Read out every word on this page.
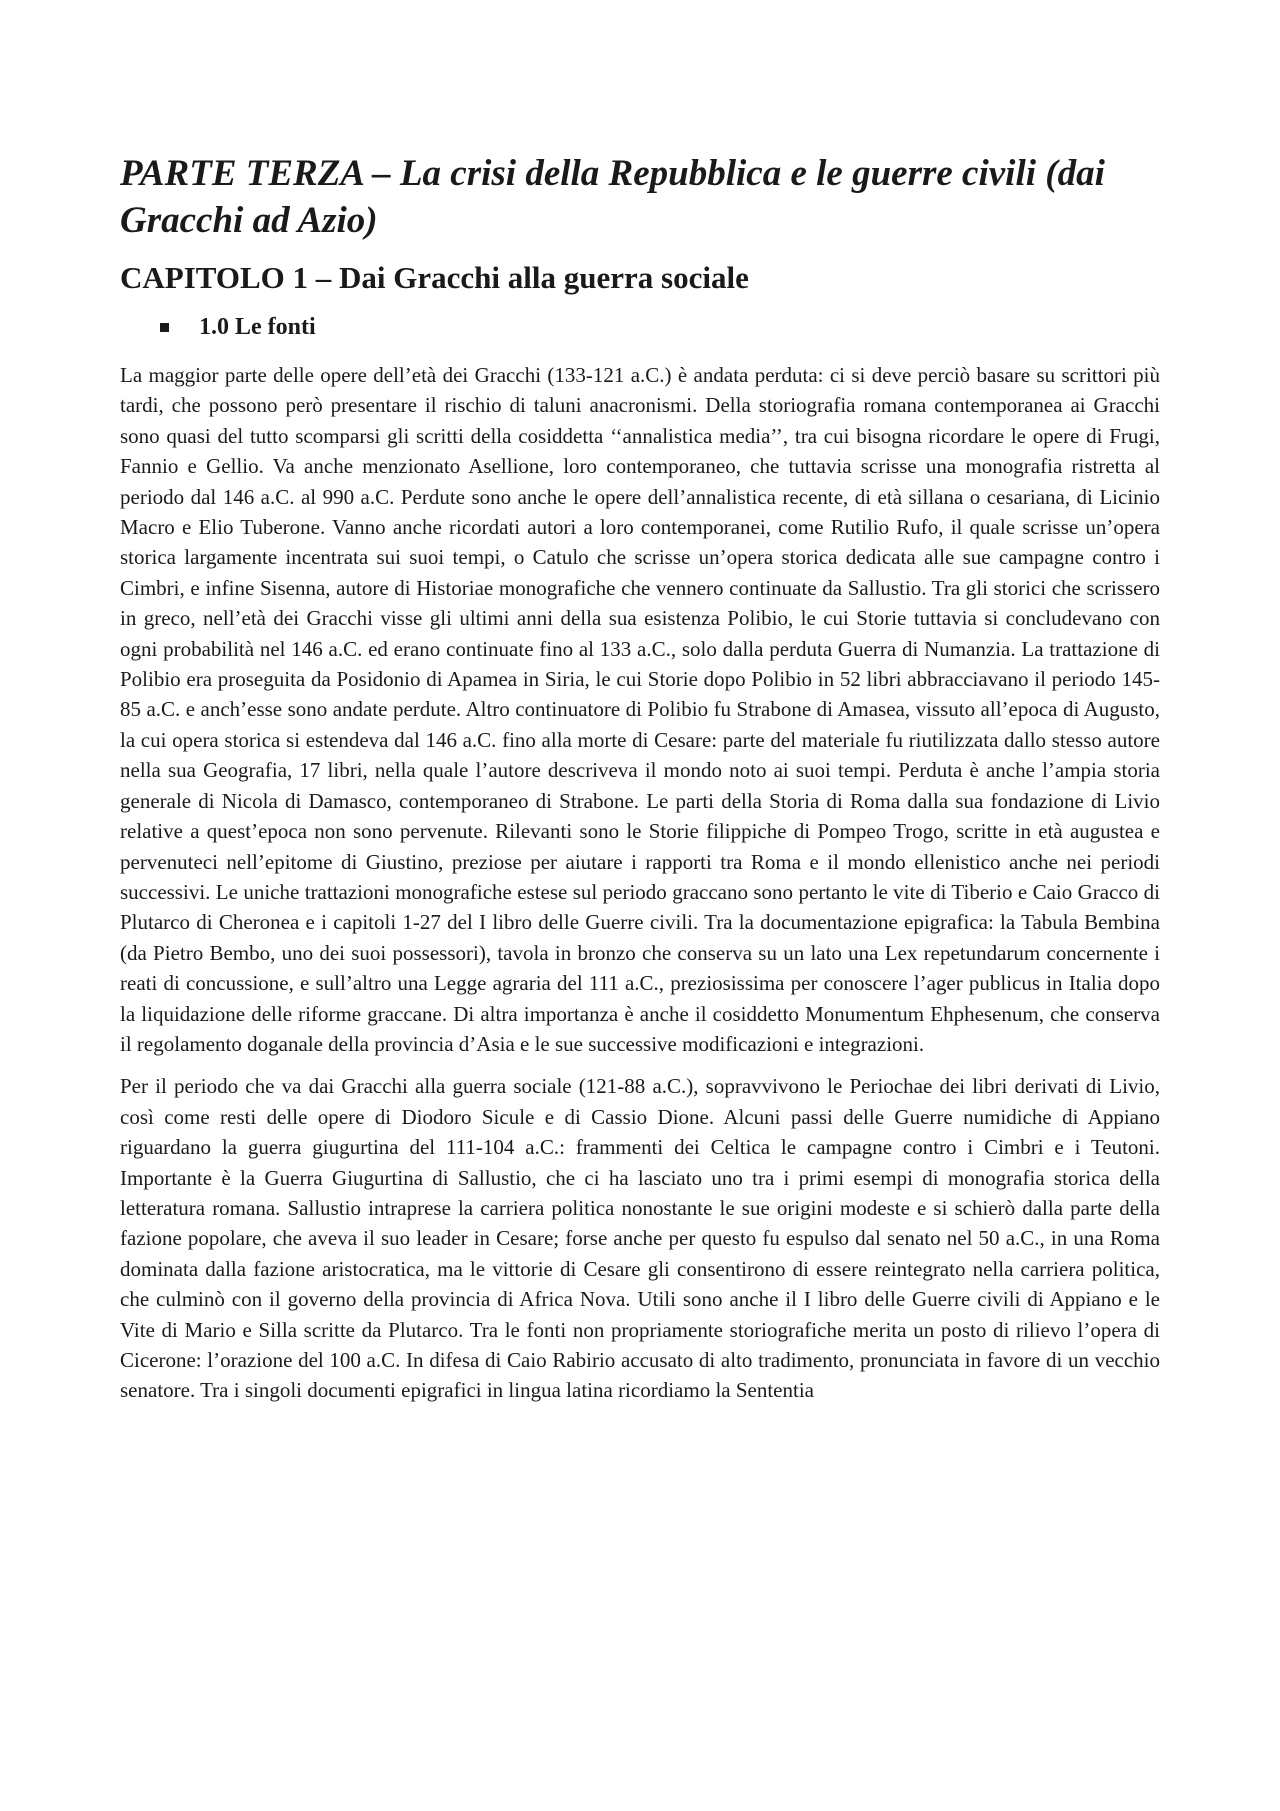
PARTE TERZA – La crisi della Repubblica e le guerre civili (dai Gracchi ad Azio)
CAPITOLO 1 – Dai Gracchi alla guerra sociale
1.0 Le fonti

La maggior parte delle opere dell’età dei Gracchi (133-121 a.C.) è andata perduta: ci si deve perciò basare su scrittori più tardi, che possono però presentare il rischio di taluni anacronismi. Della storiografia romana contemporanea ai Gracchi sono quasi del tutto scomparsi gli scritti della cosiddetta ‘‘annalistica media’’, tra cui bisogna ricordare le opere di Frugi, Fannio e Gellio. Va anche menzionato Asellione, loro contemporaneo, che tuttavia scrisse una monografia ristretta al periodo dal 146 a.C. al 990 a.C. Perdute sono anche le opere dell’annalistica recente, di età sillana o cesariana, di Licinio Macro e Elio Tuberone. Vanno anche ricordati autori a loro contemporanei, come Rutilio Rufo, il quale scrisse un’opera storica largamente incentrata sui suoi tempi, o Catulo che scrisse un’opera storica dedicata alle sue campagne contro i Cimbri, e infine Sisenna, autore di Historiae monografiche che vennero continuate da Sallustio. Tra gli storici che scrissero in greco, nell’età dei Gracchi visse gli ultimi anni della sua esistenza Polibio, le cui Storie tuttavia si concludevano con ogni probabilità nel 146 a.C. ed erano continuate fino al 133 a.C., solo dalla perduta Guerra di Numanzia. La trattazione di Polibio era proseguita da Posidonio di Apamea in Siria, le cui Storie dopo Polibio in 52 libri abbracciavano il periodo 145-85 a.C. e anch’esse sono andate perdute. Altro continuatore di Polibio fu Strabone di Amasea, vissuto all’epoca di Augusto, la cui opera storica si estendeva dal 146 a.C. fino alla morte di Cesare: parte del materiale fu riutilizzata dallo stesso autore nella sua Geografia, 17 libri, nella quale l’autore descriveva il mondo noto ai suoi tempi. Perduta è anche l’ampia storia generale di Nicola di Damasco, contemporaneo di Strabone. Le parti della Storia di Roma dalla sua fondazione di Livio relative a quest’epoca non sono pervenute. Rilevanti sono le Storie filippiche di Pompeo Trogo, scritte in età augustea e pervenuteci nell’epitome di Giustino, preziose per aiutare i rapporti tra Roma e il mondo ellenistico anche nei periodi successivi. Le uniche trattazioni monografiche estese sul periodo graccano sono pertanto le vite di Tiberio e Caio Gracco di Plutarco di Cheronea e i capitoli 1-27 del I libro delle Guerre civili. Tra la documentazione epigrafica: la Tabula Bembina (da Pietro Bembo, uno dei suoi possessori), tavola in bronzo che conserva su un lato una Lex repetundarum concernente i reati di concussione, e sull’altro una Legge agraria del 111 a.C., preziosissima per conoscere l’ager publicus in Italia dopo la liquidazione delle riforme graccane. Di altra importanza è anche il cosiddetto Monumentum Ehphesenum, che conserva il regolamento doganale della provincia d’Asia e le sue successive modificazioni e integrazioni.

Per il periodo che va dai Gracchi alla guerra sociale (121-88 a.C.), sopravvivono le Periochae dei libri derivati di Livio, così come resti delle opere di Diodoro Sicule e di Cassio Dione. Alcuni passi delle Guerre numidiche di Appiano riguardano la guerra giugurtina del 111-104 a.C.: frammenti dei Celtica le campagne contro i Cimbri e i Teutoni. Importante è la Guerra Giugurtina di Sallustio, che ci ha lasciato uno tra i primi esempi di monografia storica della letteratura romana. Sallustio intraprese la carriera politica nonostante le sue origini modeste e si schierò dalla parte della fazione popolare, che aveva il suo leader in Cesare; forse anche per questo fu espulso dal senato nel 50 a.C., in una Roma dominata dalla fazione aristocratica, ma le vittorie di Cesare gli consentirono di essere reintegrato nella carriera politica, che culminò con il governo della provincia di Africa Nova. Utili sono anche il I libro delle Guerre civili di Appiano e le Vite di Mario e Silla scritte da Plutarco. Tra le fonti non propriamente storiografiche merita un posto di rilievo l’opera di Cicerone: l’orazione del 100 a.C. In difesa di Caio Rabirio accusato di alto tradimento, pronunciata in favore di un vecchio senatore. Tra i singoli documenti epigrafici in lingua latina ricordiamo la Sententia
